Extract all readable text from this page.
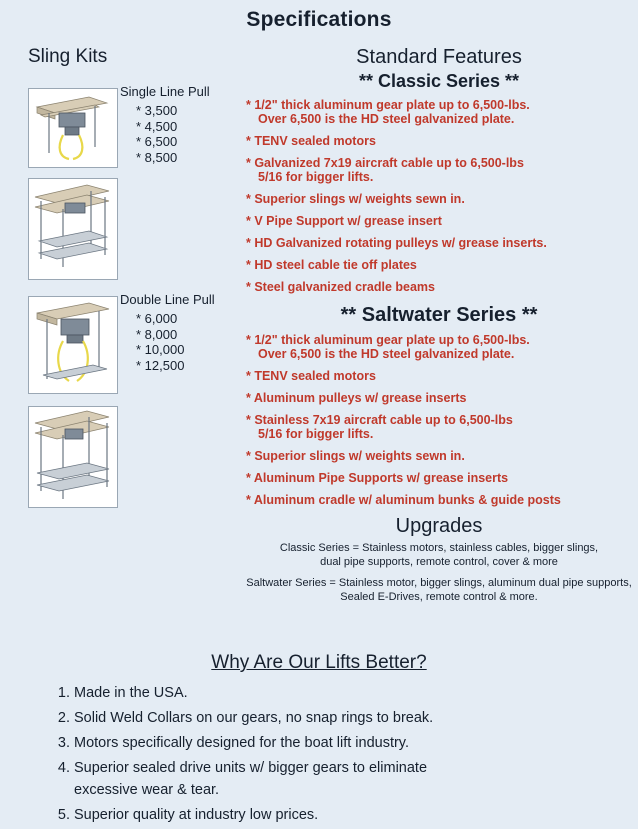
Specifications
Sling Kits
Single Line Pull
* 3,500
* 4,500
* 6,500
* 8,500
Double Line Pull
* 6,000
* 8,000
* 10,000
* 12,500
Standard Features
** Classic Series **
* 1/2" thick aluminum gear plate up to 6,500-lbs.
Over 6,500 is the HD steel galvanized plate.
* TENV sealed motors
* Galvanized 7x19 aircraft cable up to 6,500-lbs
5/16 for bigger lifts.
* Superior slings w/ weights sewn in.
* V Pipe Support w/ grease insert
* HD Galvanized rotating pulleys w/ grease inserts.
* HD steel cable tie off plates
* Steel galvanized cradle beams
** Saltwater Series **
* 1/2" thick aluminum gear plate up to 6,500-lbs.
Over 6,500 is the HD steel galvanized plate.
* TENV sealed motors
* Aluminum pulleys w/ grease inserts
* Stainless 7x19 aircraft cable up to 6,500-lbs
5/16 for bigger lifts.
* Superior slings w/ weights sewn in.
* Aluminum Pipe Supports w/ grease inserts
* Aluminum cradle w/ aluminum bunks & guide posts
Upgrades
Classic Series = Stainless motors, stainless cables, bigger slings,
dual pipe supports, remote control, cover & more
Saltwater Series = Stainless motor, bigger slings, aluminum dual pipe supports,
Sealed E-Drives, remote control & more.
Why Are Our Lifts Better?
1. Made in the USA.
2. Solid Weld Collars on our gears, no snap rings to break.
3. Motors specifically designed for the boat lift industry.
4. Superior sealed drive units w/ bigger gears to eliminate
excessive wear & tear.
5. Superior quality at industry low prices.
